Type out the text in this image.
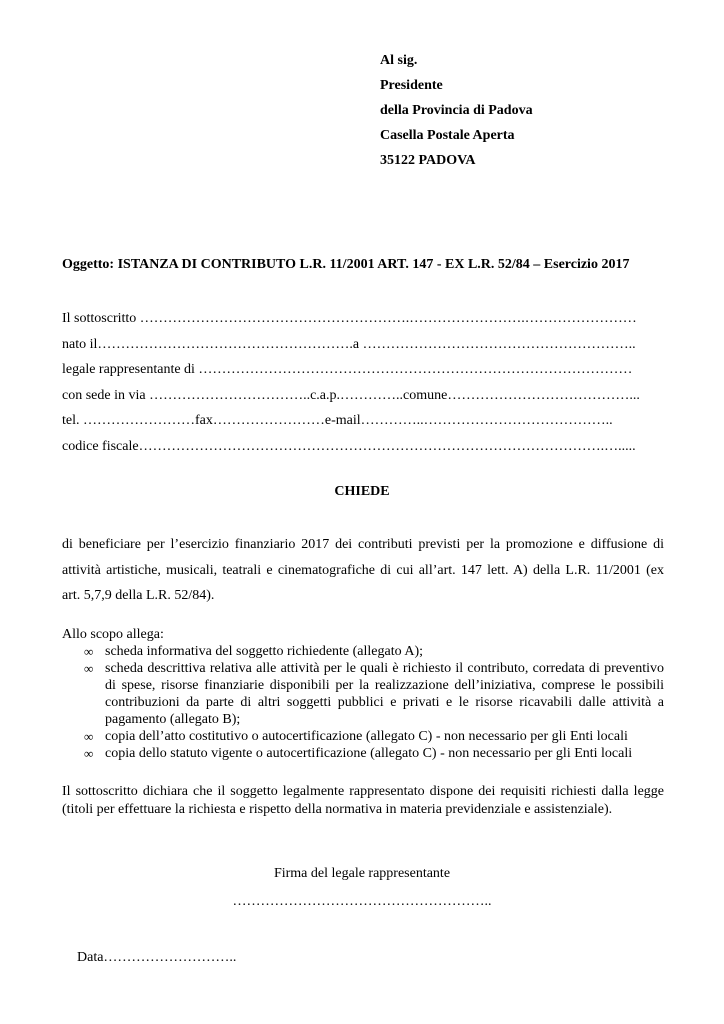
Al sig.
Presidente
della Provincia di Padova
Casella Postale Aperta
35122 PADOVA
Oggetto: ISTANZA DI CONTRIBUTO L.R. 11/2001 ART. 147 - EX L.R. 52/84 – Esercizio 2017
Il sottoscritto ………………………………………………….…………………….……………………
nato il……………………………………………….a …………………………………………………..
legale rappresentante di …………………………………………………………………………………
con sede in via ……………………………..c.a.p.…………..comune…………………………………...
tel. ……………………fax……………………e-mail…………..…………………………………..
codice fiscale……………………………………………………………………………………….….....
CHIEDE
di beneficiare per l’esercizio finanziario 2017 dei contributi previsti per la promozione e diffusione di
attività artistiche, musicali, teatrali e cinematografiche di cui all’art. 147 lett. A) della L.R. 11/2001 (ex
art. 5,7,9 della L.R. 52/84).
Allo scopo allega:
∞ scheda informativa del soggetto richiedente (allegato A);
∞ scheda descrittiva relativa alle attività per le quali è richiesto il contributo, corredata di preventivo di spese, risorse finanziarie disponibili per la realizzazione dell’iniziativa, comprese le possibili contribuzioni da parte di altri soggetti pubblici e privati e le risorse ricavabili dalle attività a pagamento (allegato B);
∞ copia dell’atto costitutivo o autocertificazione (allegato C) - non necessario per gli Enti locali
∞ copia dello statuto vigente o autocertificazione (allegato C) - non necessario per gli Enti locali
Il sottoscritto dichiara che il soggetto legalmente rappresentato dispone dei requisiti richiesti dalla legge (titoli per effettuare la richiesta e rispetto della normativa in materia previdenziale e assistenziale).
Firma del legale rappresentante
………………………………………………..
Data………………………..
